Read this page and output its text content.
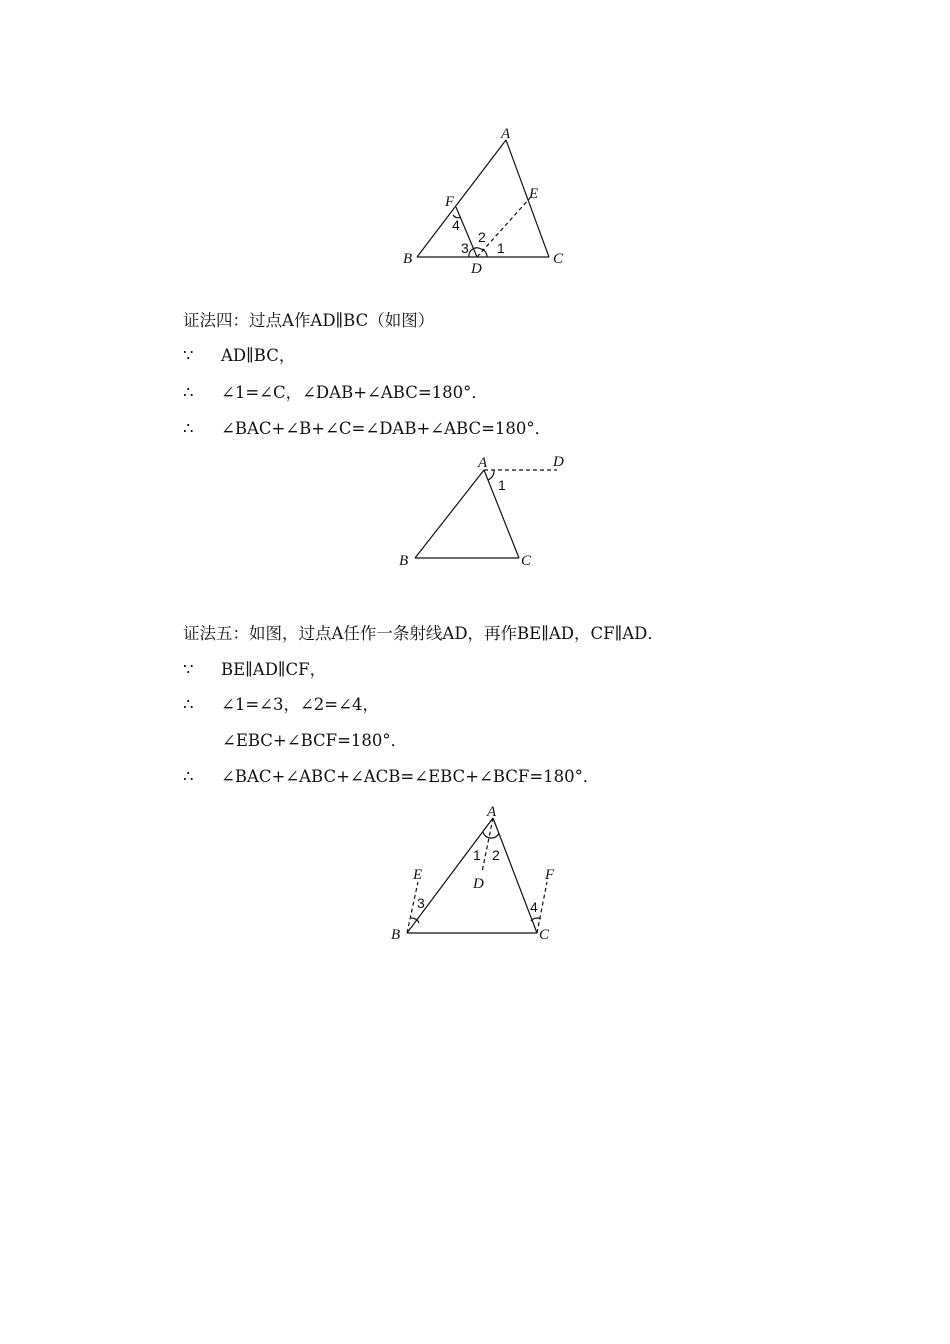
A
B	C
D
E
F
1
2
3
4
证法四：过点A作AD∥BC（如图）
∵ AD∥BC，
∴ ∠1=∠C，∠DAB+∠ABC=180°．
∴ ∠BAC+∠B+∠C=∠DAB+∠ABC=180°．
A
B	C
D
1
证法五：如图，过点A任作一条射线AD，再作BE∥AD，CF∥AD．
∵ BE∥AD∥CF，
∴ ∠1=∠3，∠2=∠4，
∠EBC+∠BCF=180°．
∴ ∠BAC+∠ABC+∠ACB=∠EBC+∠BCF=180°．
A
B	C
D
E	F
1 2
3	4
